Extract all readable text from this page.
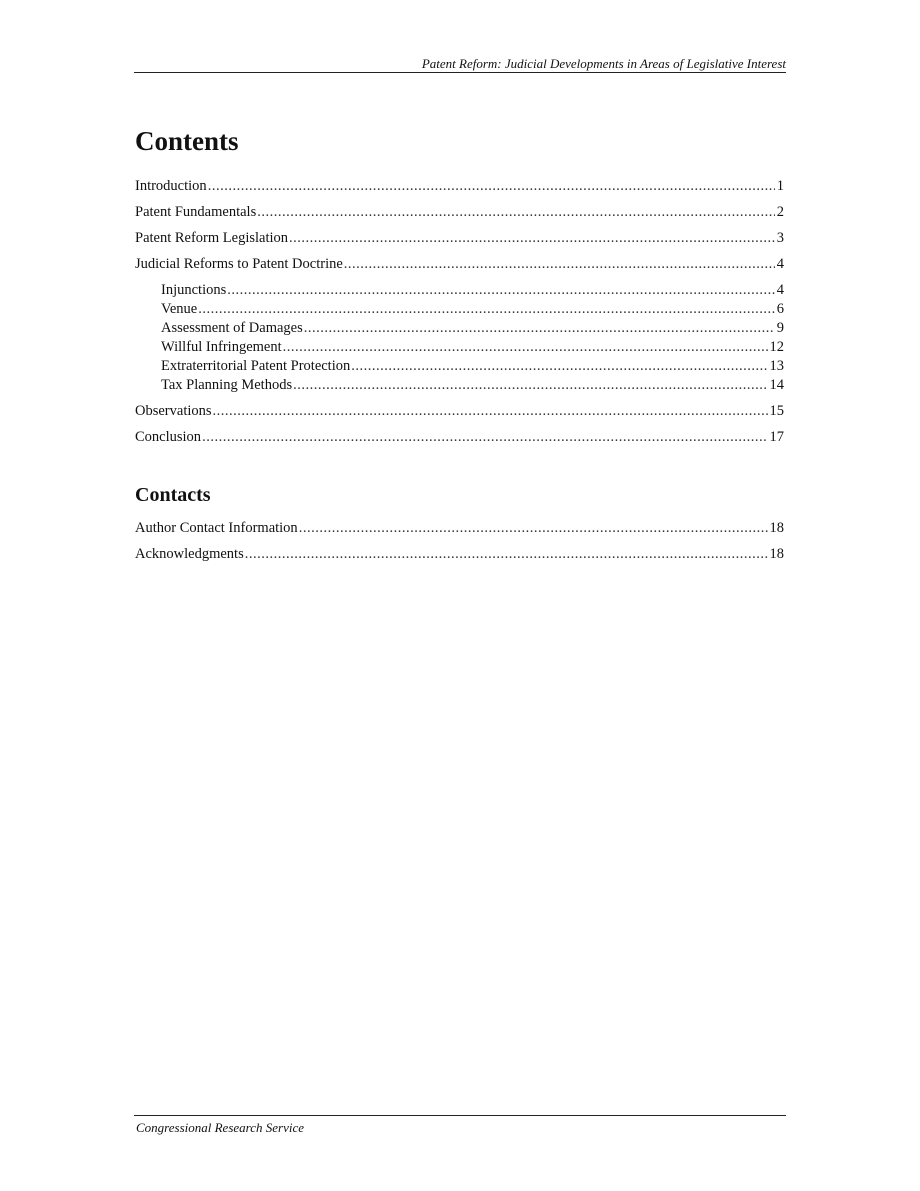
Patent Reform: Judicial Developments in Areas of Legislative Interest
Contents
Introduction .....	1
Patent Fundamentals .....	2
Patent Reform Legislation .....	3
Judicial Reforms to Patent Doctrine .....	4
Injunctions .....	4
Venue .....	6
Assessment of Damages .....	9
Willful Infringement .....	12
Extraterritorial Patent Protection .....	13
Tax Planning Methods .....	14
Observations .....	15
Conclusion .....	17
Contacts
Author Contact Information .....	18
Acknowledgments .....	18
Congressional Research Service
